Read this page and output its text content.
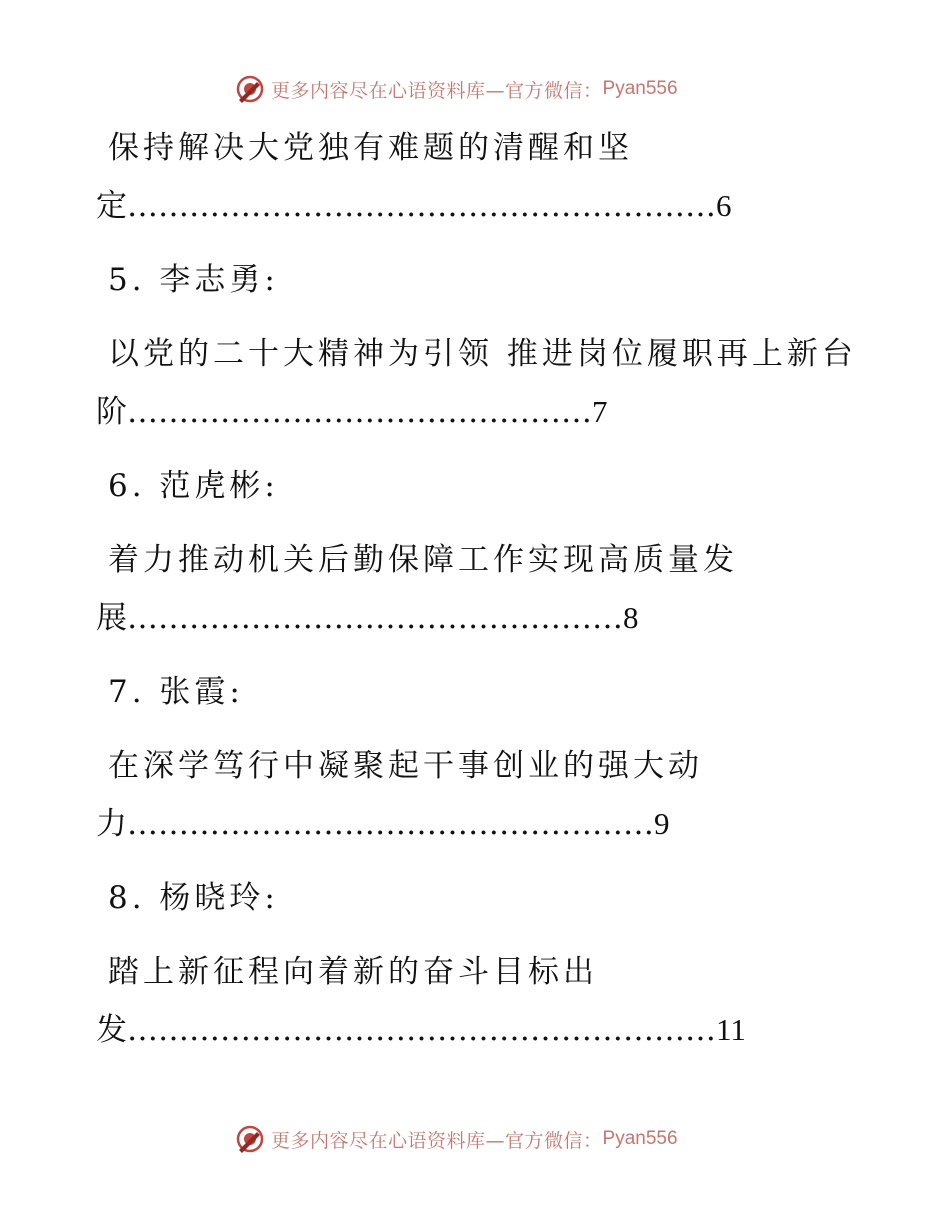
更多内容尽在心语资料库—官方微信： Pyan556
保持解决大党独有难题的清醒和坚
定…………………………………………………6
5. 李志勇:
以党的二十大精神为引领 推进岗位履职再上新台
阶………………………………………7
6. 范虎彬:
着力推动机关后勤保障工作实现高质量发
展…………………………………………8
7. 张霞:
在深学笃行中凝聚起干事创业的强大动
力……………………………………………9
8. 杨晓玲:
踏上新征程向着新的奋斗目标出
发…………………………………………………11
更多内容尽在心语资料库—官方微信： Pyan556
